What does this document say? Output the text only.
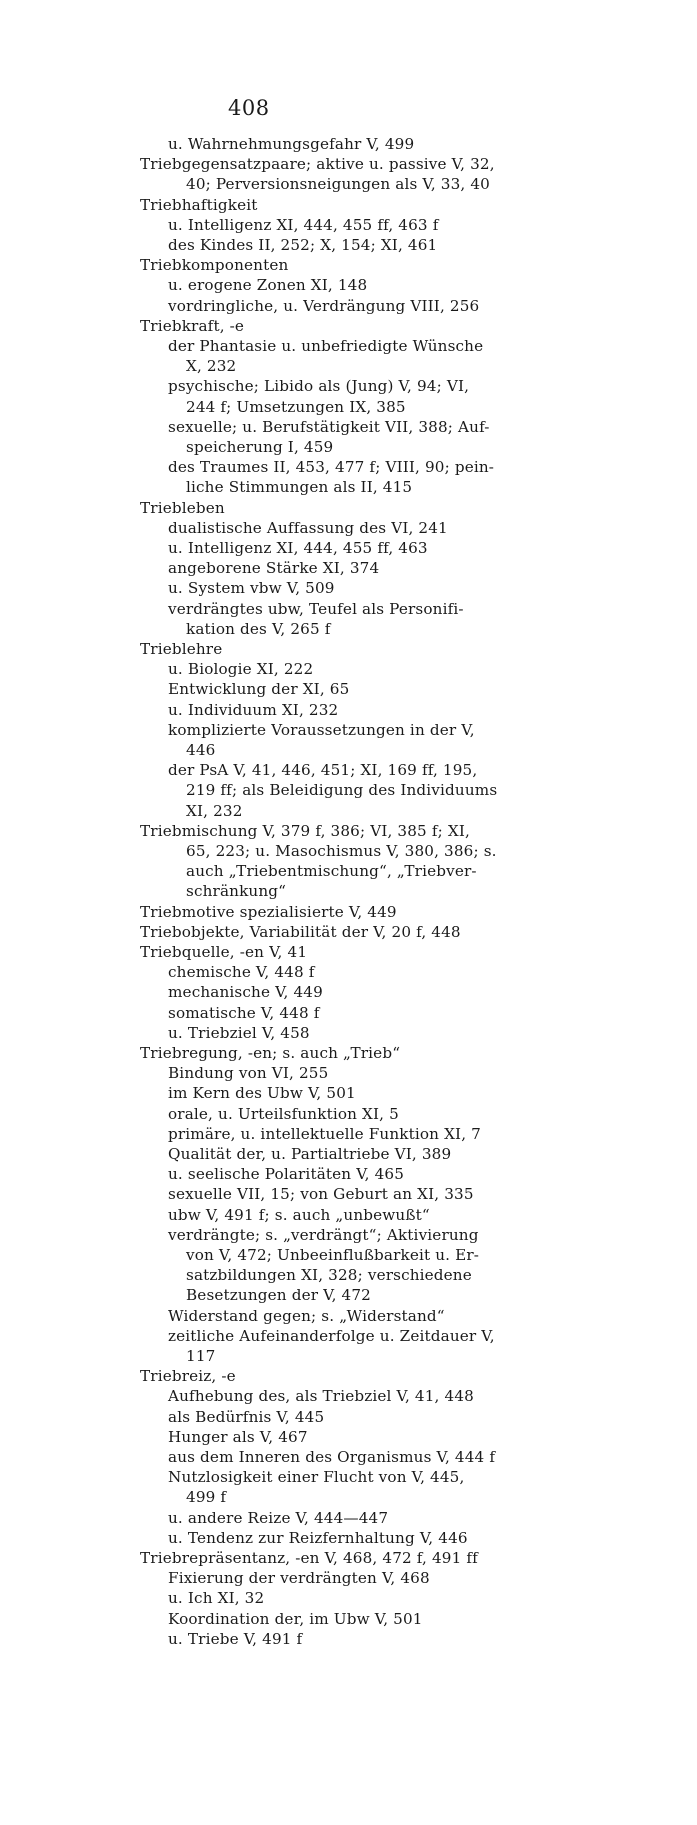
408
u. Wahrnehmungsgefahr V, 499
Triebgegensatzpaare; aktive u. passive V, 32,
40; Perversionsneigungen als V, 33, 40
Triebhaftigkeit
u. Intelligenz XI, 444, 455 ff, 463 f
des Kindes II, 252; X, 154; XI, 461
Triebkomponenten
u. erogene Zonen XI, 148
vordringliche, u. Verdrängung VIII, 256
Triebkraft, -e
der Phantasie u. unbefriedigte Wünsche
X, 232
psychische; Libido als (Jung) V, 94; VI,
244 f; Umsetzungen IX, 385
sexuelle; u. Berufstätigkeit VII, 388; Auf-
speicherung I, 459
des Traumes II, 453, 477 f; VIII, 90; pein-
liche Stimmungen als II, 415
Triebleben
dualistische Auffassung des VI, 241
u. Intelligenz XI, 444, 455 ff, 463
angeborene Stärke XI, 374
u. System vbw V, 509
verdrängtes ubw, Teufel als Personifi-
kation des V, 265 f
Trieblehre
u. Biologie XI, 222
Entwicklung der XI, 65
u. Individuum XI, 232
komplizierte Voraussetzungen in der V,
446
der PsA V, 41, 446, 451; XI, 169 ff, 195,
219 ff; als Beleidigung des Individuums
XI, 232
Triebmischung V, 379 f, 386; VI, 385 f; XI,
65, 223; u. Masochismus V, 380, 386; s.
auch „Triebentmischung“, „Triebver-
schränkung“
Triebmotive spezialisierte V, 449
Triebobjekte, Variabilität der V, 20 f, 448
Triebquelle, -en V, 41
chemische V, 448 f
mechanische V, 449
somatische V, 448 f
u. Triebziel V, 458
Triebregung, -en; s. auch „Trieb“
Bindung von VI, 255
im Kern des Ubw V, 501
orale, u. Urteilsfunktion XI, 5
primäre, u. intellektuelle Funktion XI, 7
Qualität der, u. Partialtriebe VI, 389
u. seelische Polaritäten V, 465
sexuelle VII, 15; von Geburt an XI, 335
ubw V, 491 f; s. auch „unbewußt“
verdrängte; s. „verdrängt“; Aktivierung
von V, 472; Unbeeinflußbarkeit u. Er-
satzbildungen XI, 328; verschiedene
Besetzungen der V, 472
Widerstand gegen; s. „Widerstand“
zeitliche Aufeinanderfolge u. Zeitdauer V,
117
Triebreiz, -e
Aufhebung des, als Triebziel V, 41, 448
als Bedürfnis V, 445
Hunger als V, 467
aus dem Inneren des Organismus V, 444 f
Nutzlosigkeit einer Flucht von V, 445,
499 f
u. andere Reize V, 444—447
u. Tendenz zur Reizfernhaltung V, 446
Triebrepräsentanz, -en V, 468, 472 f, 491 ff
Fixierung der verdrängten V, 468
u. Ich XI, 32
Koordination der, im Ubw V, 501
u. Triebe V, 491 f
